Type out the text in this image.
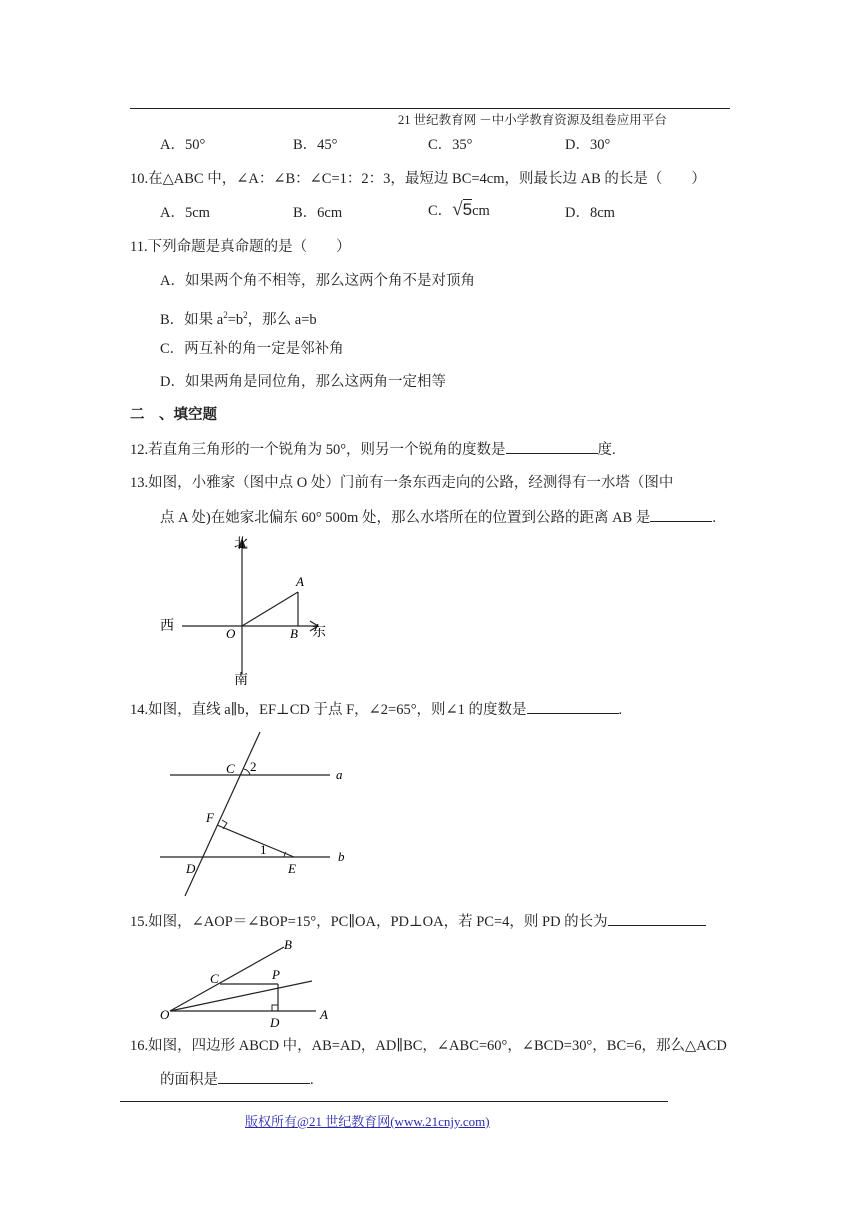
21 世纪教育网 －中小学教育资源及组卷应用平台
A．50°	B．45°	C．35°	D．30°
10.在△ABC 中，∠A：∠B：∠C=1：2：3，最短边 BC=4cm，则最长边 AB 的长是（　　）
A．5cm	B．6cm	C．√5cm	D．8cm
11.下列命题是真命题的是（　　）
A．如果两个角不相等，那么这两个角不是对顶角
B．如果 $a^2=b^2$，那么 a=b
C．两互补的角一定是邻补角
D．如果两角是同位角，那么这两角一定相等
二　、填空题
12.若直角三角形的一个锐角为 50°，则另一个锐角的度数是	度.
13.如图，小雅家（图中点 O 处）门前有一条东西走向的公路，经测得有一水塔（图中
点 A 处)在她家北偏东 60° 500m 处，那么水塔所在的位置到公路的距离 AB 是	.
北
南
西	东
O
A
B
14.如图，直线 a∥b，EF⊥CD 于点 F，∠2=65°，则∠1 的度数是	.
C 2
a
F
1
D	E
b
15.如图，∠AOP＝∠BOP=15°，PC∥OA，PD⊥OA，若 PC=4，则 PD 的长为
B
C	P
O
D
A
16.如图，四边形 ABCD 中，AB=AD，AD∥BC，∠ABC=60°，∠BCD=30°，BC=6，那么△ACD
的面积是	.
版权所有@21 世纪教育网(www.21cnjy.com)
